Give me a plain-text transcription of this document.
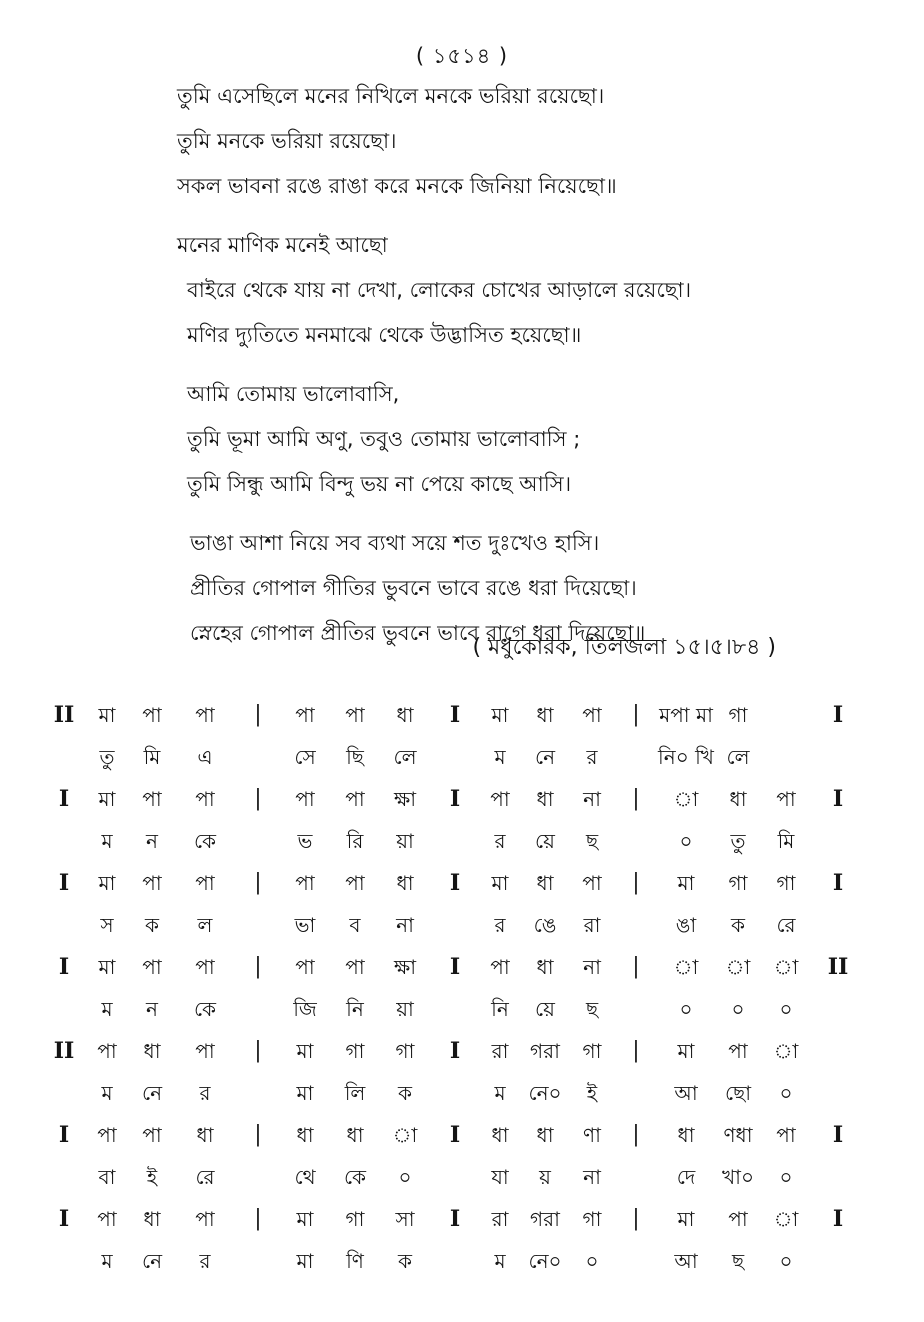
( ১৫১৪ )
তুমি এসেছিলে মনের নিখিলে মনকে ভরিয়া রয়েছো।
তুমি মনকে ভরিয়া রয়েছো।
সকল ভাবনা রঙে রাঙা করে মনকে জিনিয়া নিয়েছো॥
মনের মাণিক মনেই আছো
বাইরে থেকে যায় না দেখা, লোকের চোখের আড়ালে রয়েছো।
মণির দ্যুতিতে মনমাঝে থেকে উদ্ভাসিত হয়েছো॥
আমি তোমায় ভালোবাসি,
তুমি ভূমা আমি অণু, তবুও তোমায় ভালোবাসি ;
তুমি সিন্ধু আমি বিন্দু ভয় না পেয়ে কাছে আসি।
ভাঙা আশা নিয়ে সব ব্যথা সয়ে শত দুঃখেও হাসি।
প্রীতির গোপাল গীতির ভুবনে ভাবে রঙে ধরা দিয়েছো।
স্নেহের গোপাল প্রীতির ভুবনে ভাবে রাগে ধরা দিয়েছো॥
( মধুকোরক, তিলজলা ১৫।৫।৮৪ )
II মা পা পা | পা পা ধা I মা ধা পা | মপা মা গা	I
তু মি এ	সে ছি লে	ম নে র	নি০ খি লে
I মা পা পা | পা পা ক্ষা I পা ধা না | া ধা পা I
ম ন কে	ভ রি য়া	র য়ে ছ	০ তু মি
I মা পা পা | পা পা ধা I মা ধা পা | মা গা গা I
স ক ল	ভা ব না	র ঙে রা	ঙা ক রে
I মা পা পা | পা পা ক্ষা I পা ধা না | া া া II
ম ন কে	জি নি য়া	নি য়ে ছ	০ ০ ০
II পা ধা পা | মা গা গা I রা গরা গা | মা পা া
ম নে র	মা লি ক	ম নে০ ই	আ ছো ০
I পা পা ধা | ধা ধা া I ধা ধা ণা | ধা ণধা পা I
বা ই রে	থে কে ০	যা য় না	দে খা০ ০
I পা ধা পা | মা গা সা I রা গরা গা | মা পা া I
ম নে র	মা ণি ক	ম নে০ ০	আ ছ ০
